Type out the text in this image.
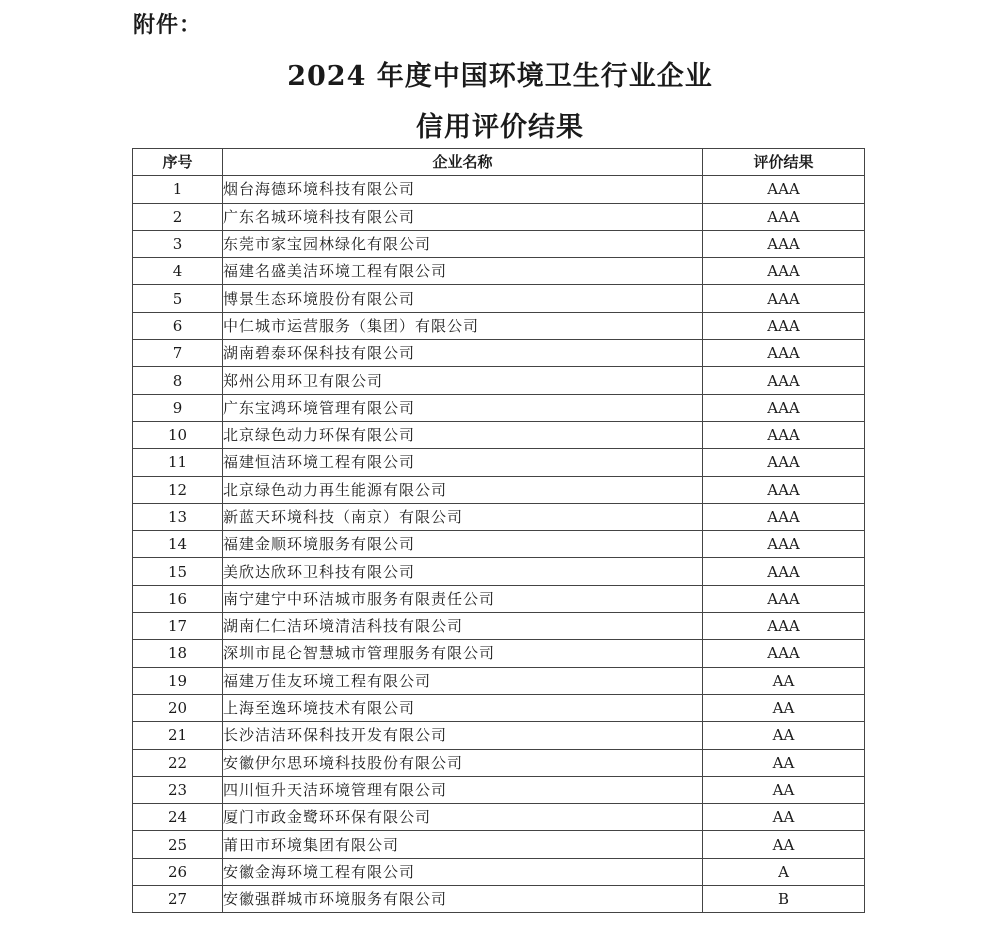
附件：
2024 年度中国环境卫生行业企业
信用评价结果
序号	企业名称	评价结果
1	烟台海德环境科技有限公司	AAA
2	广东名城环境科技有限公司	AAA
3	东莞市家宝园林绿化有限公司	AAA
4	福建名盛美洁环境工程有限公司	AAA
5	博景生态环境股份有限公司	AAA
6	中仁城市运营服务（集团）有限公司	AAA
7	湖南碧泰环保科技有限公司	AAA
8	郑州公用环卫有限公司	AAA
9	广东宝鸿环境管理有限公司	AAA
10	北京绿色动力环保有限公司	AAA
11	福建恒洁环境工程有限公司	AAA
12	北京绿色动力再生能源有限公司	AAA
13	新蓝天环境科技（南京）有限公司	AAA
14	福建金顺环境服务有限公司	AAA
15	美欣达欣环卫科技有限公司	AAA
16	南宁建宁中环洁城市服务有限责任公司	AAA
17	湖南仁仁洁环境清洁科技有限公司	AAA
18	深圳市昆仑智慧城市管理服务有限公司	AAA
19	福建万佳友环境工程有限公司	AA
20	上海至逸环境技术有限公司	AA
21	长沙洁洁环保科技开发有限公司	AA
22	安徽伊尔思环境科技股份有限公司	AA
23	四川恒升天洁环境管理有限公司	AA
24	厦门市政金鹭环环保有限公司	AA
25	莆田市环境集团有限公司	AA
26	安徽金海环境工程有限公司	A
27	安徽强群城市环境服务有限公司	B
